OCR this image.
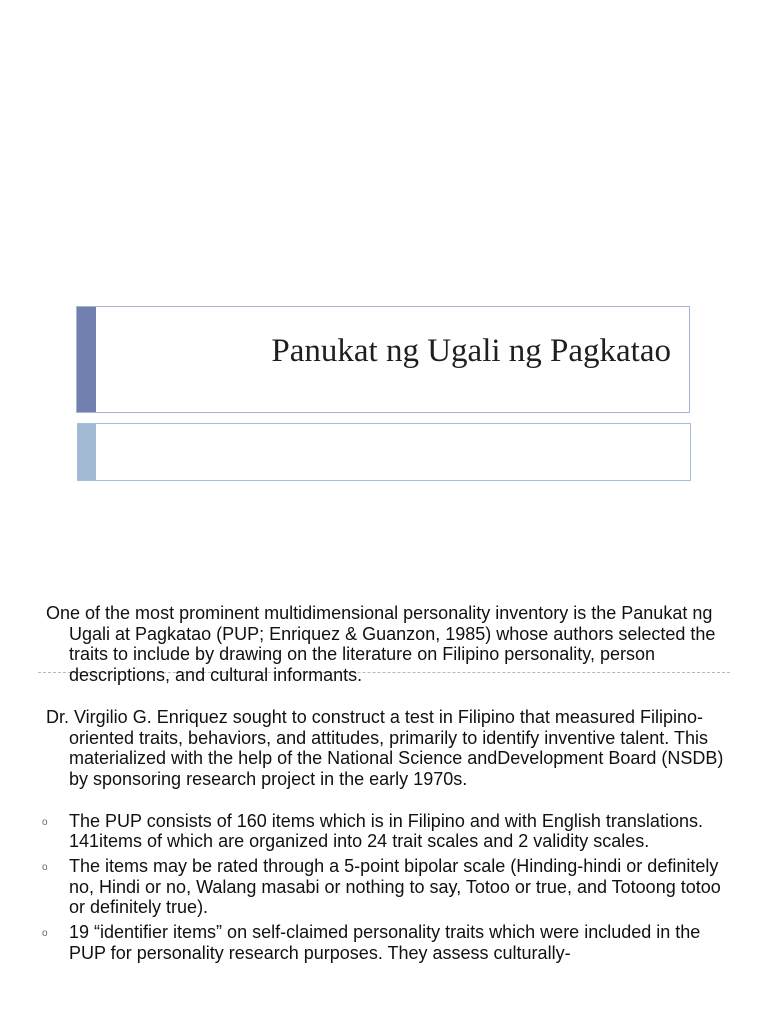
Panukat ng Ugali ng Pagkatao

One of the most prominent multidimensional personality inventory is the Panukat ng Ugali at Pagkatao (PUP; Enriquez & Guanzon, 1985) whose authors selected the traits to include by drawing on the literature on Filipino personality, person descriptions, and cultural informants.

Dr. Virgilio G. Enriquez sought to construct a test in Filipino that measured Filipino-oriented traits, behaviors, and attitudes, primarily to identify inventive talent. This materialized with the help of the National Science andDevelopment Board (NSDB) by sponsoring research project in the early 1970s.

o The PUP consists of 160 items which is in Filipino and with English translations. 141items of which are organized into 24 trait scales and 2 validity scales.
o The items may be rated through a 5-point bipolar scale (Hinding-hindi or definitely no, Hindi or no, Walang masabi or nothing to say, Totoo or true, and Totoong totoo or definitely true).
o 19 “identifier items” on self-claimed personality traits which were included in the PUP for personality research purposes. They assess culturally-
